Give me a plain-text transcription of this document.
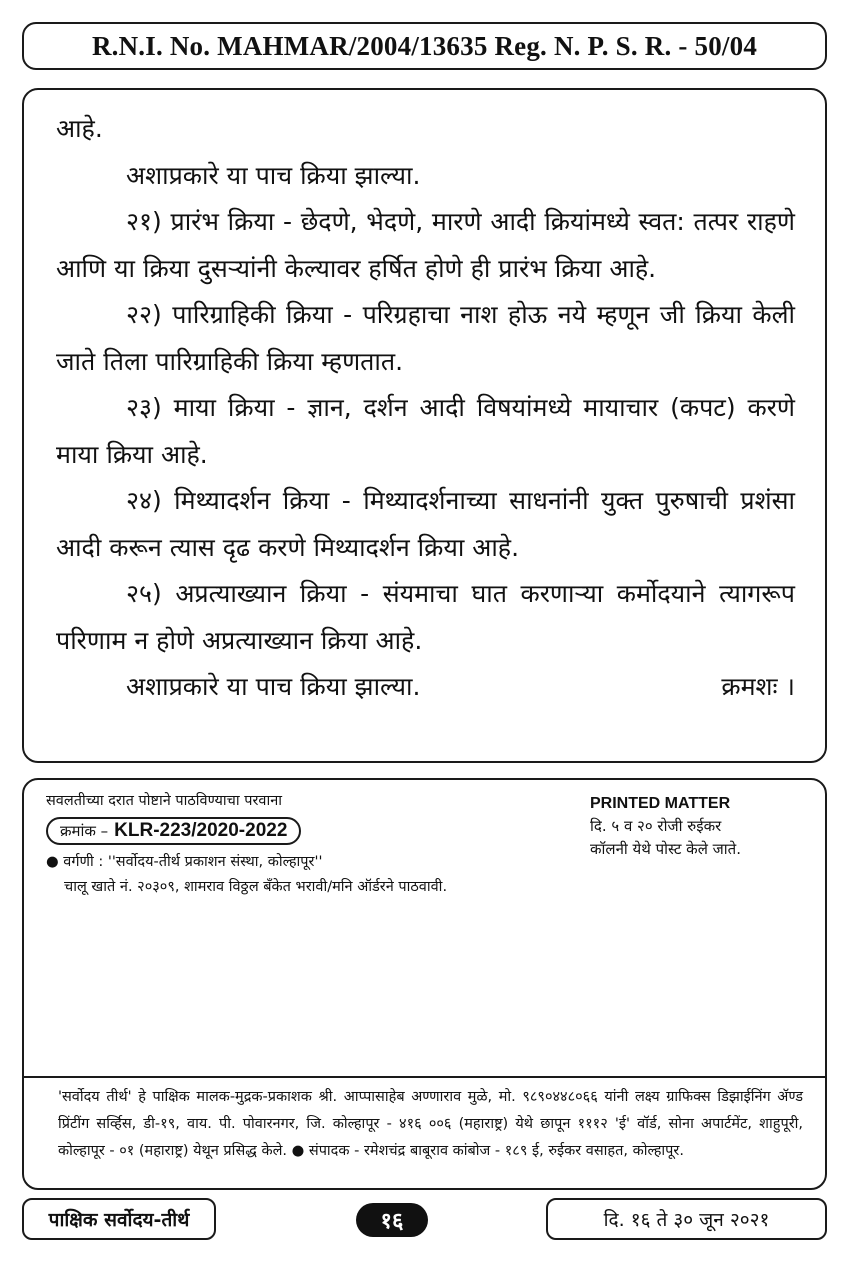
R.N.I. No. MAHMAR/2004/13635 Reg. N. P. S. R. - 50/04

आहे.

अशाप्रकारे या पाच क्रिया झाल्या.

२१) प्रारंभ क्रिया - छेदणे, भेदणे, मारणे आदी क्रियांमध्ये स्वत: तत्पर राहणे आणि या क्रिया दुसऱ्यांनी केल्यावर हर्षित होणे ही प्रारंभ क्रिया आहे.

२२) पारिग्राहिकी क्रिया - परिग्रहाचा नाश होऊ नये म्हणून जी क्रिया केली जाते तिला पारिग्राहिकी क्रिया म्हणतात.

२३) माया क्रिया - ज्ञान, दर्शन आदी विषयांमध्ये मायाचार (कपट) करणे माया क्रिया आहे.

२४) मिथ्यादर्शन क्रिया - मिथ्यादर्शनाच्या साधनांनी युक्त पुरुषाची प्रशंसा आदी करून त्यास दृढ करणे मिथ्यादर्शन क्रिया आहे.

२५) अप्रत्याख्यान क्रिया - संयमाचा घात करणाऱ्या कर्मोदयाने त्यागरूप परिणाम न होणे अप्रत्याख्यान क्रिया आहे.

अशाप्रकारे या पाच क्रिया झाल्या.	क्रमशः ।
सवलतीच्या दरात पोष्टाने पाठविण्याचा परवाना
क्रमांक – KLR-223/2020-2022
● वर्गणी : ''सर्वोदय-तीर्थ प्रकाशन संस्था, कोल्हापूर''
चालू खाते नं. २०३०९, शामराव विठ्ठल बँकेत भरावी/मनि ऑर्डरने पाठवावी.
PRINTED MATTER
दि. ५ व २० रोजी रुईकर
कॉलनी येथे पोस्ट केले जाते.
'सर्वोदय तीर्थ' हे पाक्षिक मालक-मुद्रक-प्रकाशक श्री. आप्पासाहेब अण्णाराव मुळे, मो. ९८९०४४८०६६ यांनी लक्ष्य ग्राफिक्स डिझाईनिंग ॲण्ड प्रिंटींग सर्व्हिस, डी-१९, वाय. पी. पोवारनगर, जि. कोल्हापूर - ४१६ ००६ (महाराष्ट्र) येथे छापून १११२ 'ई' वॉर्ड, सोना अपार्टमेंट, शाहुपूरी, कोल्हापूर - ०१ (महाराष्ट्र) येथून प्रसिद्ध केले. ● संपादक - रमेशचंद्र बाबूराव कांबोज - १८९ ई, रुईकर वसाहत, कोल्हापूर.
पाक्षिक सर्वोदय-तीर्थ	१६	दि. १६ ते ३० जून २०२१
